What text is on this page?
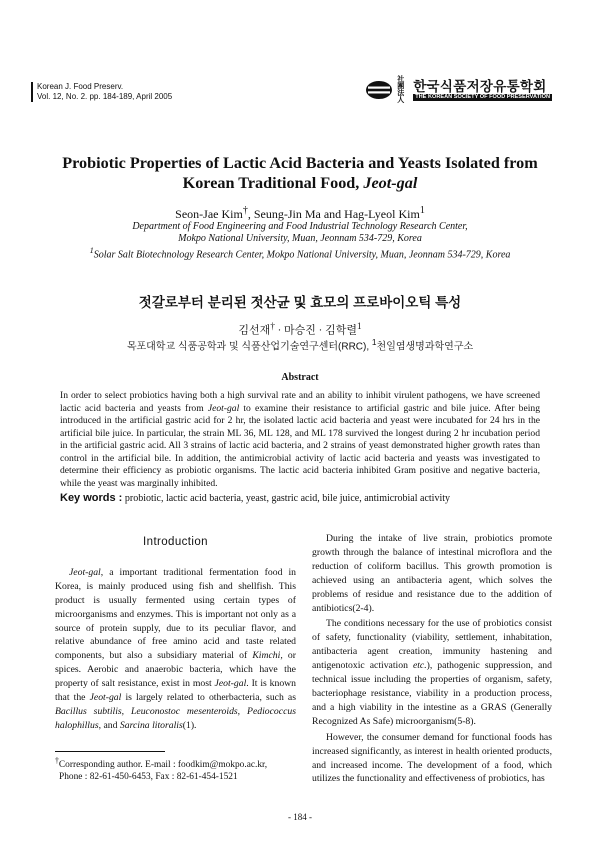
Korean J. Food Preserv.
Vol. 12, No. 2. pp. 184-189, April 2005
社團法人
한국식품저장유통학회
THE KOREAN SOCIETY OF FOOD PRESERVATION
Probiotic Properties of Lactic Acid Bacteria and Yeasts Isolated from
Korean Traditional Food, Jeot-gal
Seon-Jae Kim†, Seung-Jin Ma and Hag-Lyeol Kim$^1$
Department of Food Engineering and Food Industrial Technology Research Center,
Mokpo National University, Muan, Jeonnam 534-729, Korea
$^1$Solar Salt Biotechnology Research Center, Mokpo National University, Muan, Jeonnam 534-729, Korea
젓갈로부터 분리된 젓산균 및 효모의 프로바이오틱 특성
김선재† · 마승진 · 김학렬$^1$
목포대학교 식품공학과 및 식품산업기술연구센터(RRC), $^1$천일염생명과학연구소
Abstract
In order to select probiotics having both a high survival rate and an ability to inhibit virulent pathogens, we have screened lactic acid bacteria and yeasts from Jeot-gal to examine their resistance to artificial gastric and bile juice. After being introduced in the artificial gastric acid for 2 hr, the isolated lactic acid bacteria and yeast were incubated for 24 hrs in the artificial bile juice. In particular, the strain ML 36, ML 128, and ML 178 survived the longest during 2 hr incubation period in the artificial gastric acid. All 3 strains of lactic acid bacteria, and 2 strains of yeast demonstrated higher growth rates than control in the artificial bile. In addition, the antimicrobial activity of lactic acid bacteria and yeasts was investigated to determine their efficiency as probiotic organisms. The lactic acid bacteria inhibited Gram positive and negative bacteria, while the yeast was marginally inhibited.
Key words : probiotic, lactic acid bacteria, yeast, gastric acid, bile juice, antimicrobial activity
Introduction

Jeot-gal, a important traditional fermentation food in Korea, is mainly produced using fish and shellfish. This product is usually fermented using certain types of microorganisms and enzymes. This is important not only as a source of protein supply, due to its peculiar flavor, and relative abundance of free amino acid and taste related components, but also a subsidiary material of Kimchi, or spices. Aerobic and anaerobic bacteria, which have the property of salt resistance, exist in most Jeot-gal. It is known that the Jeot-gal is largely related to otherbacteria, such as Bacillus subtilis, Leuconostoc mesenteroids, Pediococcus halophillus, and Sarcina litoralis(1).

During the intake of live strain, probiotics promote growth through the balance of intestinal microflora and the reduction of coliform bacillus. This growth promotion is achieved using an antibacteria agent, which solves the problems of residue and resistance due to the addition of antibiotics(2-4).

The conditions necessary for the use of probiotics consist of safety, functionality (viability, settlement, inhabitation, antibacteria agent creation, immunity hastening and antigenotoxic activation etc.), pathogenic suppression, and technical issue including the properties of organism, safety, bacteriophage resistance, viability in a production process, and a high viability in the intestine as a GRAS (Generally Recognized As Safe) microorganism(5-8).

However, the consumer demand for functional foods has increased significantly, as interest in health oriented products, and increased income. The development of a food, which utilizes the functionality and effectiveness of probiotics, has

†Corresponding author. E-mail : foodkim@mokpo.ac.kr,
Phone : 82-61-450-6453, Fax : 82-61-454-1521
- 184 -
